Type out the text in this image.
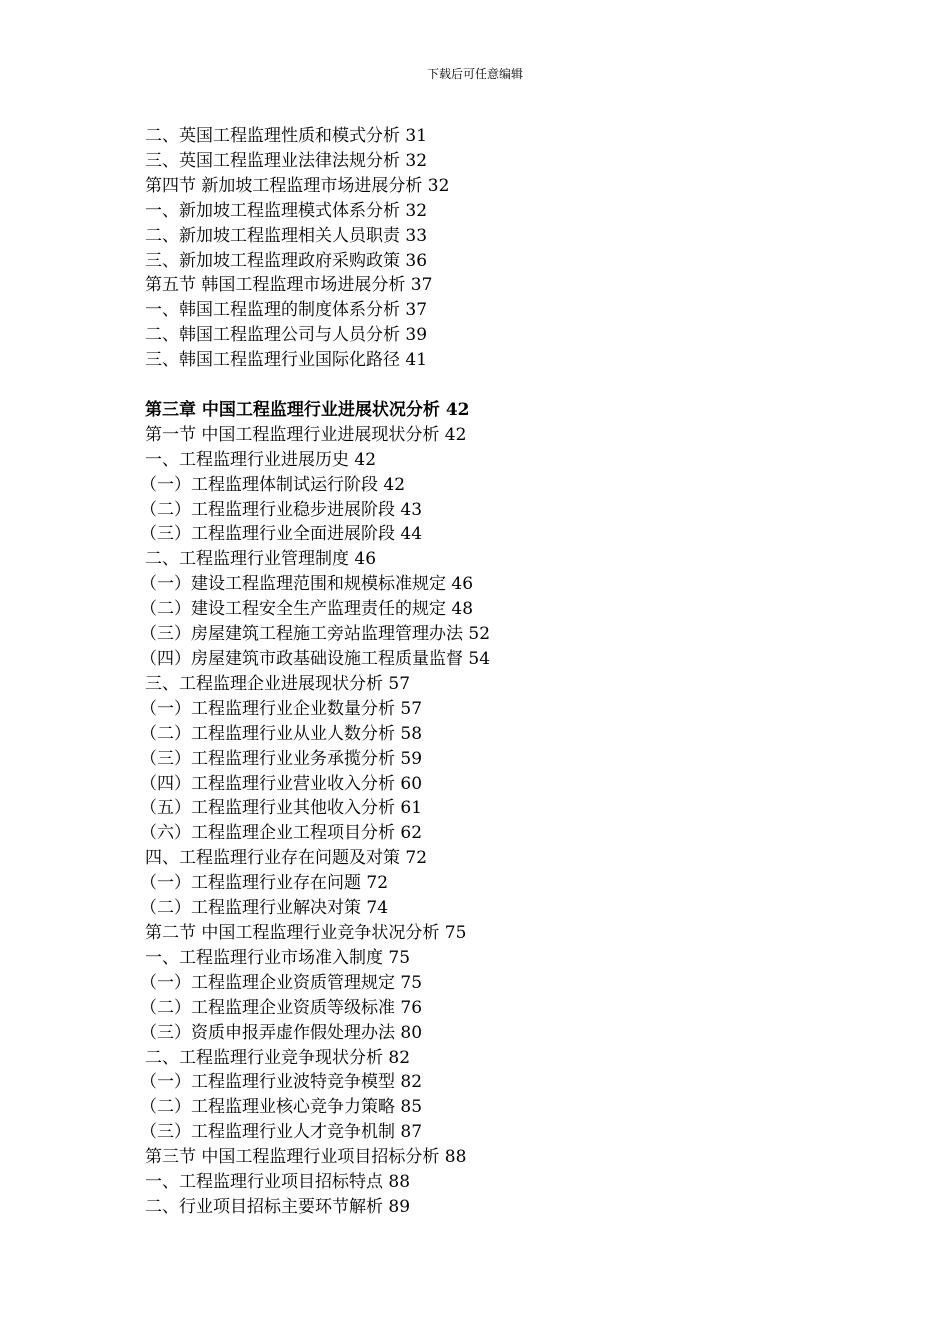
下载后可任意编辑
二、英国工程监理性质和模式分析 31
三、英国工程监理业法律法规分析 32
第四节 新加坡工程监理市场进展分析 32
一、新加坡工程监理模式体系分析 32
二、新加坡工程监理相关人员职责 33
三、新加坡工程监理政府采购政策 36
第五节 韩国工程监理市场进展分析 37
一、韩国工程监理的制度体系分析 37
二、韩国工程监理公司与人员分析 39
三、韩国工程监理行业国际化路径 41
第三章 中国工程监理行业进展状况分析 42
第一节 中国工程监理行业进展现状分析 42
一、工程监理行业进展历史 42
（一）工程监理体制试运行阶段 42
（二）工程监理行业稳步进展阶段 43
（三）工程监理行业全面进展阶段 44
二、工程监理行业管理制度 46
（一）建设工程监理范围和规模标准规定 46
（二）建设工程安全生产监理责任的规定 48
（三）房屋建筑工程施工旁站监理管理办法 52
（四）房屋建筑市政基础设施工程质量监督 54
三、工程监理企业进展现状分析 57
（一）工程监理行业企业数量分析 57
（二）工程监理行业从业人数分析 58
（三）工程监理行业业务承揽分析 59
（四）工程监理行业营业收入分析 60
（五）工程监理行业其他收入分析 61
（六）工程监理企业工程项目分析 62
四、工程监理行业存在问题及对策 72
（一）工程监理行业存在问题 72
（二）工程监理行业解决对策 74
第二节 中国工程监理行业竞争状况分析 75
一、工程监理行业市场准入制度 75
（一）工程监理企业资质管理规定 75
（二）工程监理企业资质等级标准 76
（三）资质申报弄虚作假处理办法 80
二、工程监理行业竞争现状分析 82
（一）工程监理行业波特竞争模型 82
（二）工程监理业核心竞争力策略 85
（三）工程监理行业人才竞争机制 87
第三节 中国工程监理行业项目招标分析 88
一、工程监理行业项目招标特点 88
二、行业项目招标主要环节解析 89
